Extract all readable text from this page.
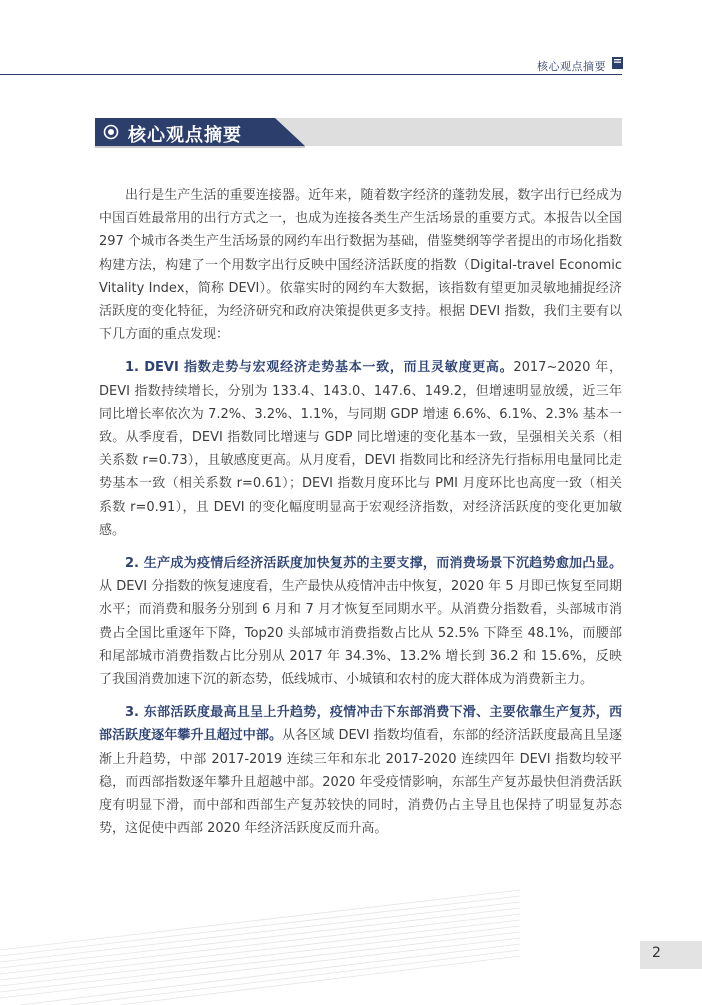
核心观点摘要
核心观点摘要

出行是生产生活的重要连接器。近年来，随着数字经济的蓬勃发展，数字出行已经成为中国百姓最常用的出行方式之一，也成为连接各类生产生活场景的重要方式。本报告以全国 297 个城市各类生产生活场景的网约车出行数据为基础，借鉴樊纲等学者提出的市场化指数构建方法，构建了一个用数字出行反映中国经济活跃度的指数（Digital-travel Economic Vitality Index，简称 DEVI）。依靠实时的网约车大数据，该指数有望更加灵敏地捕捉经济活跃度的变化特征，为经济研究和政府决策提供更多支持。根据 DEVI 指数，我们主要有以下几方面的重点发现：

1. DEVI 指数走势与宏观经济走势基本一致，而且灵敏度更高。2017~2020 年，DEVI 指数持续增长，分别为 133.4、143.0、147.6、149.2，但增速明显放缓，近三年同比增长率依次为 7.2%、3.2%、1.1%，与同期 GDP 增速 6.6%、6.1%、2.3% 基本一致。从季度看，DEVI 指数同比增速与 GDP 同比增速的变化基本一致，呈强相关关系（相关系数 r=0.73），且敏感度更高。从月度看，DEVI 指数同比和经济先行指标用电量同比走势基本一致（相关系数 r=0.61）；DEVI 指数月度环比与 PMI 月度环比也高度一致（相关系数 r=0.91），且 DEVI 的变化幅度明显高于宏观经济指数，对经济活跃度的变化更加敏感。

2. 生产成为疫情后经济活跃度加快复苏的主要支撑，而消费场景下沉趋势愈加凸显。从 DEVI 分指数的恢复速度看，生产最快从疫情冲击中恢复，2020 年 5 月即已恢复至同期水平；而消费和服务分别到 6 月和 7 月才恢复至同期水平。从消费分指数看，头部城市消费占全国比重逐年下降，Top20 头部城市消费指数占比从 52.5% 下降至 48.1%，而腰部和尾部城市消费指数占比分别从 2017 年 34.3%、13.2% 增长到 36.2 和 15.6%，反映了我国消费加速下沉的新态势，低线城市、小城镇和农村的庞大群体成为消费新主力。

3. 东部活跃度最高且呈上升趋势，疫情冲击下东部消费下滑、主要依靠生产复苏，西部活跃度逐年攀升且超过中部。从各区域 DEVI 指数均值看，东部的经济活跃度最高且呈逐渐上升趋势，中部 2017-2019 连续三年和东北 2017-2020 连续四年 DEVI 指数均较平稳，而西部指数逐年攀升且超越中部。2020 年受疫情影响，东部生产复苏最快但消费活跃度有明显下滑，而中部和西部生产复苏较快的同时，消费仍占主导且也保持了明显复苏态势，这促使中西部 2020 年经济活跃度反而升高。

2
